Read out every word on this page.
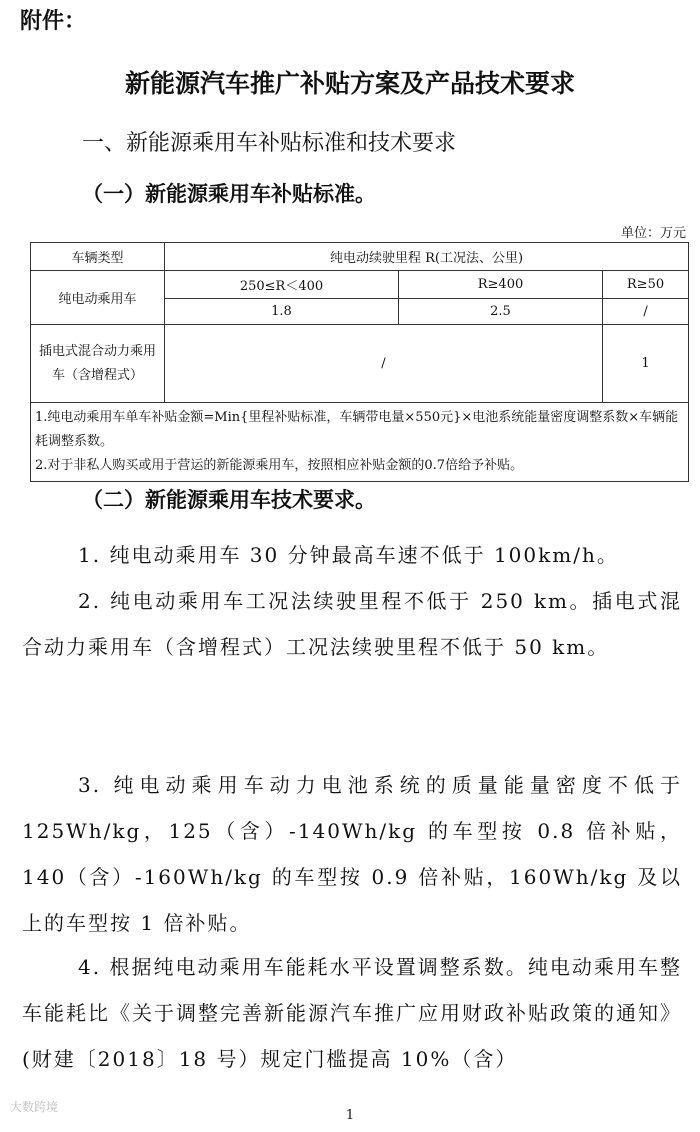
附件：
新能源汽车推广补贴方案及产品技术要求
一、新能源乘用车补贴标准和技术要求
（一）新能源乘用车补贴标准。
单位：万元
车辆类型	纯电动续驶里程 R(工况法、公里)		
纯电动乘用车	250≤R＜400	R≥400	R≥50
	1.8	2.5	/
插电式混合动力乘用车（含增程式）	/		1

1.纯电动乘用车单车补贴金额=Min{里程补贴标准，车辆带电量×550元}×电池系统能量密度调整系数×车辆能耗调整系数。
2.对于非私人购买或用于营运的新能源乘用车，按照相应补贴金额的0.7倍给予补贴。			
（二）新能源乘用车技术要求。
1. 纯电动乘用车 30 分钟最高车速不低于 100km/h。
2. 纯电动乘用车工况法续驶里程不低于 250 km。插电式混合动力乘用车（含增程式）工况法续驶里程不低于 50 km。
3. 纯电动乘用车动力电池系统的质量能量密度不低于 125Wh/kg，125（含）-140Wh/kg 的车型按 0.8 倍补贴，140（含）-160Wh/kg 的车型按 0.9 倍补贴，160Wh/kg 及以上的车型按 1 倍补贴。
4. 根据纯电动乘用车能耗水平设置调整系数。纯电动乘用车整车能耗比《关于调整完善新能源汽车推广应用财政补贴政策的通知》(财建〔2018〕18 号）规定门槛提高 10%（含）
大数跨境
1
